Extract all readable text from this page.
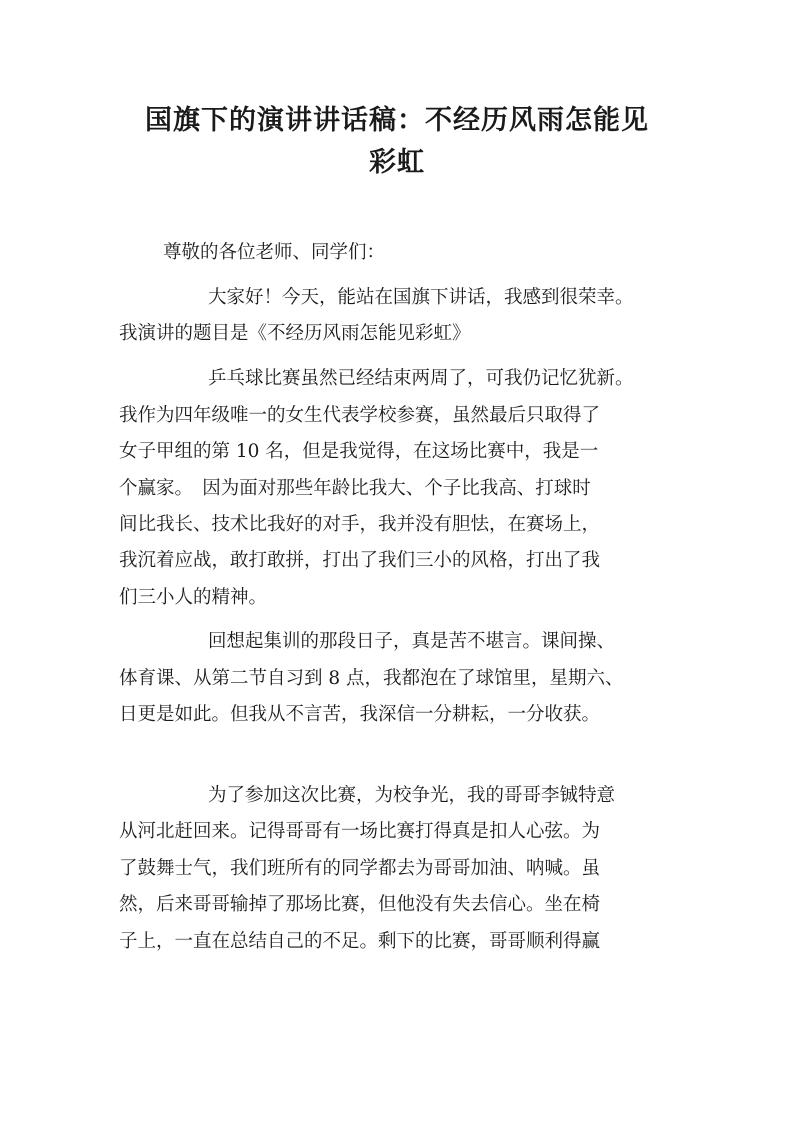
国旗下的演讲讲话稿：不经历风雨怎能见
彩虹
尊敬的各位老师、同学们：
大家好！今天，能站在国旗下讲话，我感到很荣幸。
我演讲的题目是《不经历风雨怎能见彩虹》
乒乓球比赛虽然已经结束两周了，可我仍记忆犹新。
我作为四年级唯一的女生代表学校参赛，虽然最后只取得了
女子甲组的第 10 名，但是我觉得，在这场比赛中，我是一
个赢家。　因为面对那些年龄比我大、个子比我高、打球时
间比我长、技术比我好的对手，我并没有胆怯，在赛场上，
我沉着应战，敢打敢拼，打出了我们三小的风格，打出了我
们三小人的精神。
回想起集训的那段日子，真是苦不堪言。课间操、
体育课、从第二节自习到 8 点，我都泡在了球馆里，星期六、
日更是如此。但我从不言苦，我深信一分耕耘，一分收获。
为了参加这次比赛，为校争光，我的哥哥李铖特意
从河北赶回来。记得哥哥有一场比赛打得真是扣人心弦。为
了鼓舞士气，我们班所有的同学都去为哥哥加油、呐喊。虽
然，后来哥哥输掉了那场比赛，但他没有失去信心。坐在椅
子上，一直在总结自己的不足。剩下的比赛，哥哥顺利得赢
